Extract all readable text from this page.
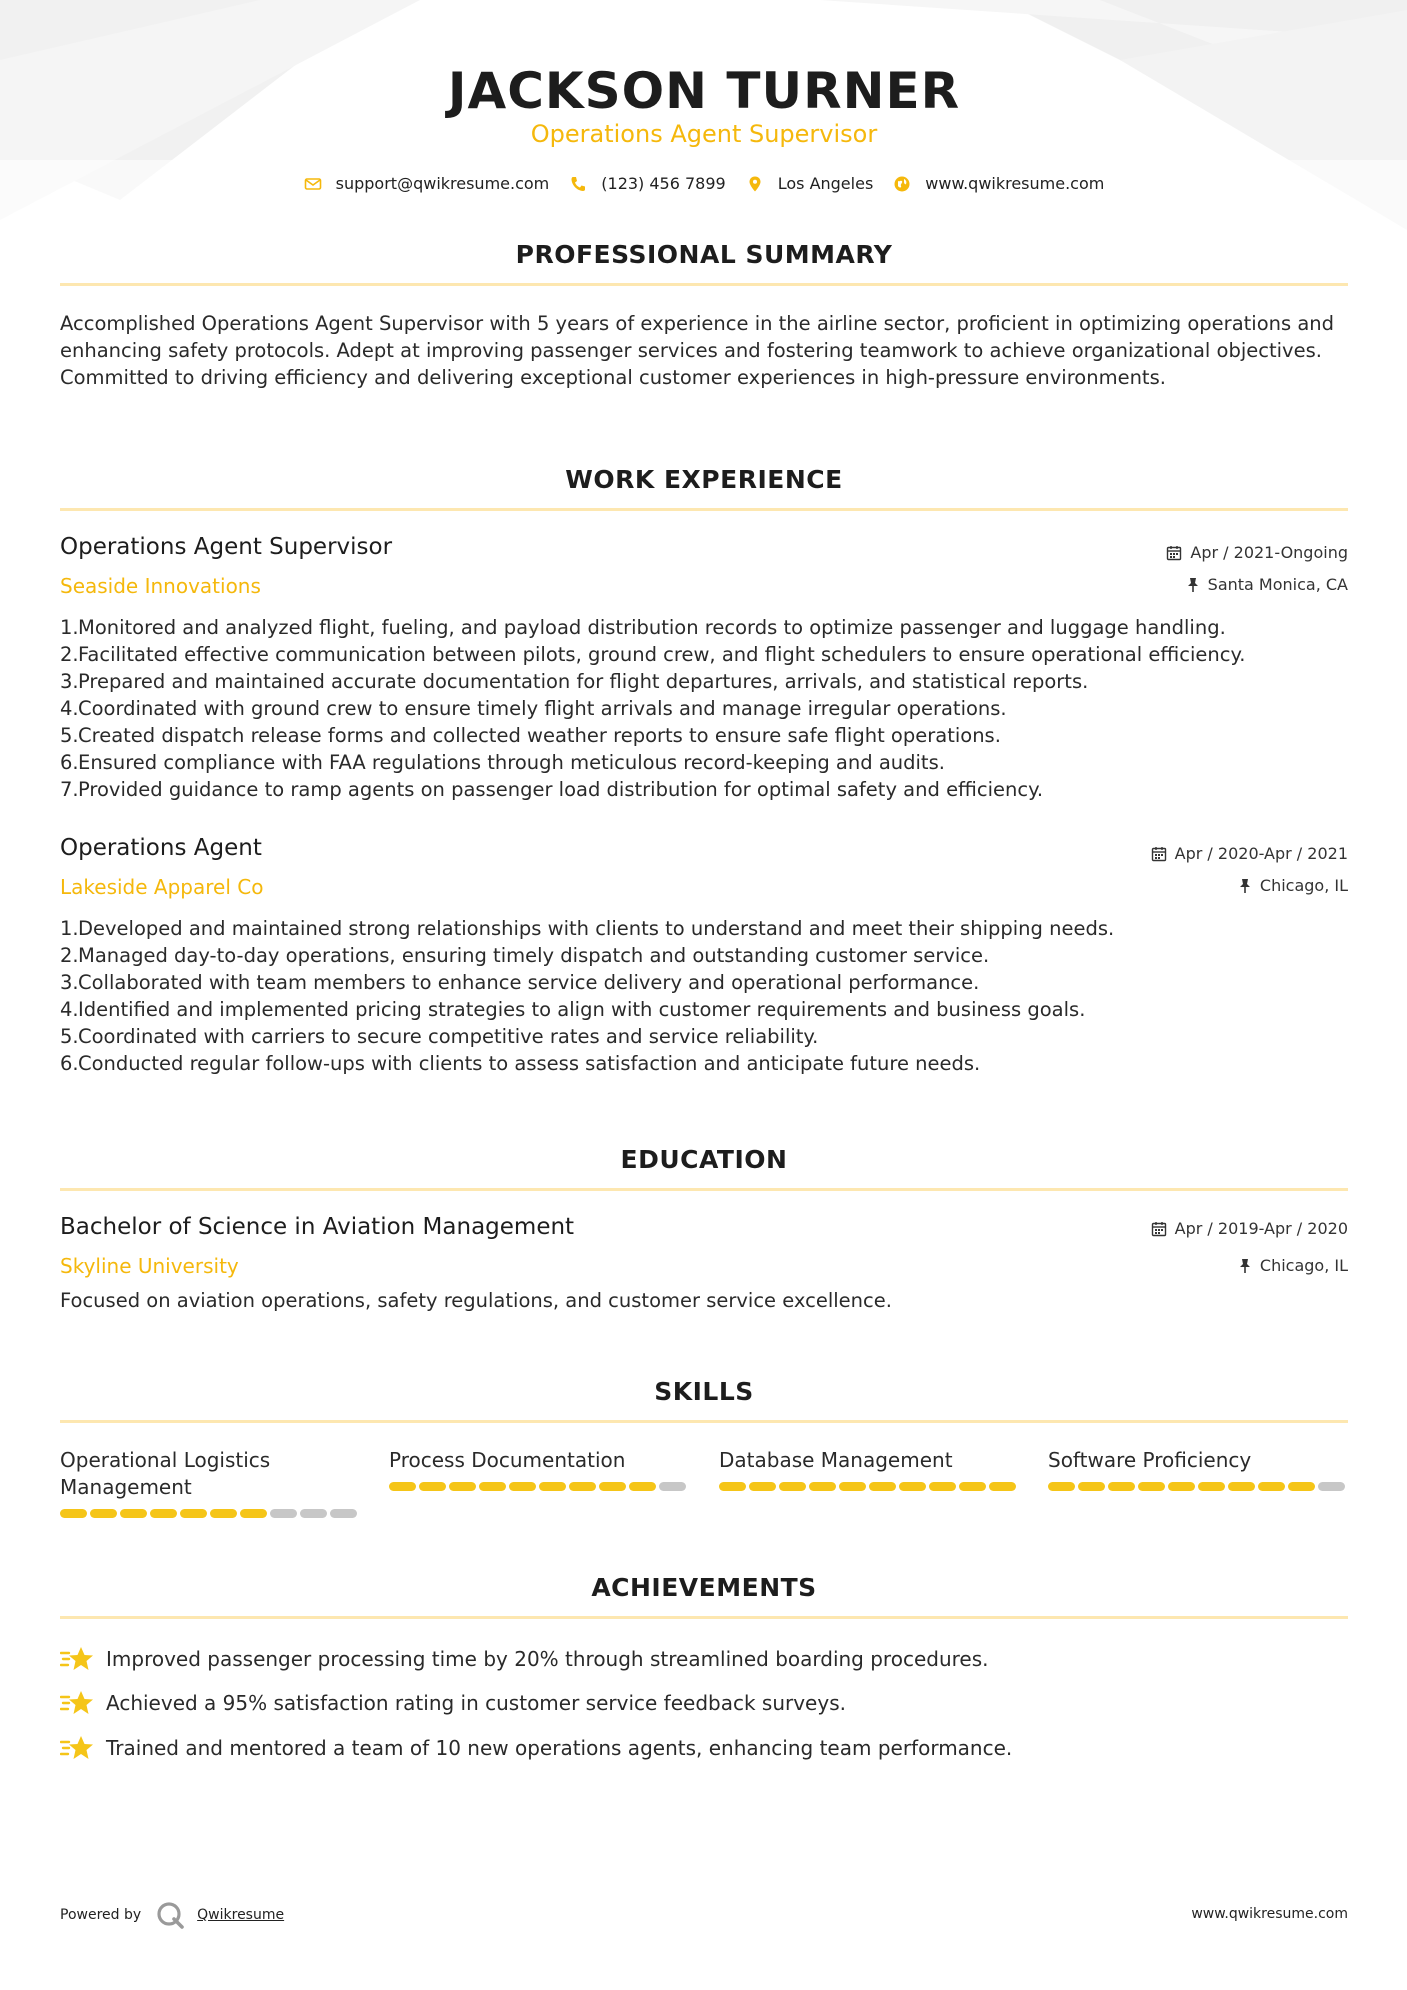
JACKSON TURNER
Operations Agent Supervisor
support@qwikresume.com	(123) 456 7899	Los Angeles	www.qwikresume.com
PROFESSIONAL SUMMARY
Accomplished Operations Agent Supervisor with 5 years of experience in the airline sector, proficient in optimizing operations and enhancing safety protocols. Adept at improving passenger services and fostering teamwork to achieve organizational objectives. Committed to driving efficiency and delivering exceptional customer experiences in high-pressure environments.
WORK EXPERIENCE
Operations Agent Supervisor
Seaside Innovations
Apr / 2021-Ongoing
Santa Monica, CA
1. Monitored and analyzed flight, fueling, and payload distribution records to optimize passenger and luggage handling.
2. Facilitated effective communication between pilots, ground crew, and flight schedulers to ensure operational efficiency.
3. Prepared and maintained accurate documentation for flight departures, arrivals, and statistical reports.
4. Coordinated with ground crew to ensure timely flight arrivals and manage irregular operations.
5. Created dispatch release forms and collected weather reports to ensure safe flight operations.
6. Ensured compliance with FAA regulations through meticulous record-keeping and audits.
7. Provided guidance to ramp agents on passenger load distribution for optimal safety and efficiency.
Operations Agent
Lakeside Apparel Co
Apr / 2020-Apr / 2021
Chicago, IL
1. Developed and maintained strong relationships with clients to understand and meet their shipping needs.
2. Managed day-to-day operations, ensuring timely dispatch and outstanding customer service.
3. Collaborated with team members to enhance service delivery and operational performance.
4. Identified and implemented pricing strategies to align with customer requirements and business goals.
5. Coordinated with carriers to secure competitive rates and service reliability.
6. Conducted regular follow-ups with clients to assess satisfaction and anticipate future needs.
EDUCATION
Bachelor of Science in Aviation Management
Skyline University
Apr / 2019-Apr / 2020
Chicago, IL
Focused on aviation operations, safety regulations, and customer service excellence.
SKILLS
Operational Logistics Management
Process Documentation	Database Management	Software Proficiency
ACHIEVEMENTS
Improved passenger processing time by 20% through streamlined boarding procedures.
Achieved a 95% satisfaction rating in customer service feedback surveys.
Trained and mentored a team of 10 new operations agents, enhancing team performance.
Powered by	Qwikresume	www.qwikresume.com
